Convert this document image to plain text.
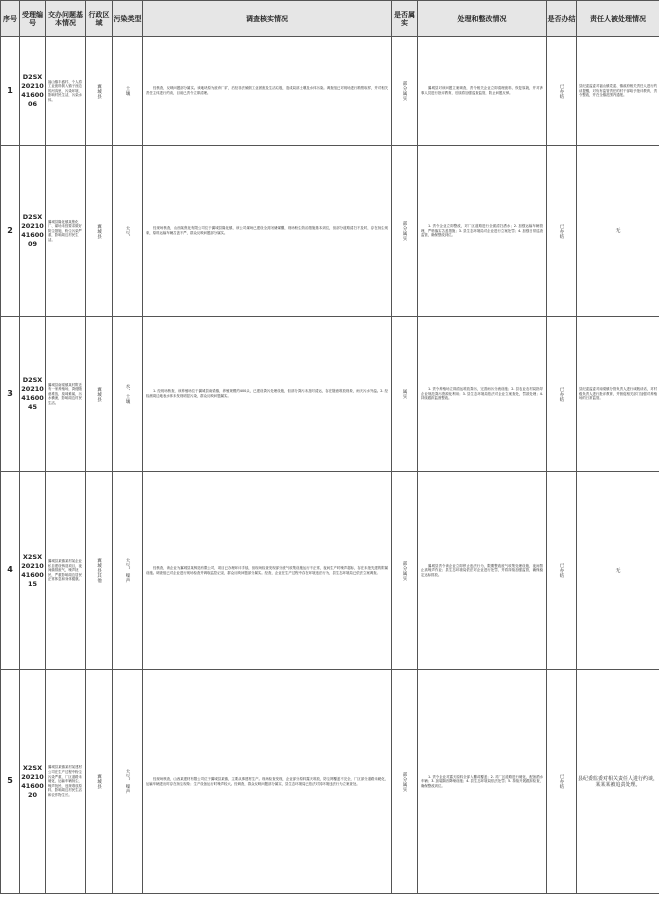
序号	受理编号	交办问题基本情况	行政区域	污染类型	调查核实情况	是否属实	处理和整改情况	是否办结	责任人被处理情况
1	D2SX202104160006	福山镇丰盛村、个人将工业废料倒入镇子西边的河沟里，污染环境，影响村民生活，污染水体。	翼城县	土壤	经核查，反映问题部分属实。该地块原为废弃厂矿，后经非法倾倒工业固废及生活垃圾，造成局部土壤及水体污染。调查组已对现场进行勘察取样，并对相关责任主体进行约谈，目前已责令立即清理。	部分属实	翼城县对该问题立案调查，责令相关企业立即清理废料、恢复原貌，并对涉事人员进行批评教育，后续将加强巡查监管，防止问题反弹。	已办结	县纪委监委对福山镇党委、镇政府相关责任人进行约谈提醒，对负有监管责任的村干部给予批评教育，责令整改，并在全镇范围内通报。
2	D2SX202104160009	翼城县隆化镇某焦化厂、煤场未按要求做好防尘措施，粉尘污染严重，影响周边村民生活。	翼城县	大气	经现场核查，山西某焦化有限公司位于翼城县隆化镇，该公司煤场已建设全封闭储煤棚，现场粉尘防治措施基本到位，但部分道路清扫不及时，存在扬尘现象，原料运输车辆苫盖不严，群众反映问题部分属实。	部分属实	1. 责令企业立即整改，对厂区道路进行全面清扫洒水；2. 加强运输车辆管理，严格落实苫盖措施；3. 县生态环境局对企业进行立案处罚；4. 加强日常巡查监管，确保整改到位。	已办结	无
3	D2SX202104160045	翼城县南梁镇某村附近有一家养殖场，粪便随意堆放，臭味难闻，污水横流，影响周边村民生活。	翼城县	水、土壤	1. 经现场核查，该养殖场位于翼城县南梁镇，养殖规模约400头，已建设粪污处理设施，但部分粪污未及时清运，存在随意堆放现象，雨天污水外溢。2. 经检测周边地表水体未发现明显污染，群众反映问题属实。	属实	1. 责令养殖场立即清运堆放粪污，完善雨污分流设施；2. 县农业农村局指导企业规范粪污资源化利用；3. 县生态环境局依法对企业立案查处，罚款处理；4. 持续跟踪监督整改。	已办结	县纪委监委对南梁镇分管负责人进行诫勉谈话，对村级负责人进行批评教育，并督促相关部门加强对养殖场的日常监管。
4	X2SX202104160015	翼城县某镇某村某企业私自建设铸造项目，夜间偷排废气，噪声扰民，严重影响周边居民正常休息和身体健康。	翼城县其他	大气、噪声	经核查，该企业为翼城县某铸造有限公司，项目已办理环评手续，但现场检查发现部分废气收集设施运行不正常，夜间生产时噪声超标，存在未批先建的附属设施。调查组已对企业进行现场检查并调取监控记录，群众反映问题部分属实。经查，企业在生产过程中存在环境违法行为，县生态环境局已依法立案调查。	部分属实	翼城县责令该企业立即停止违法行为，限期整改废气收集处理设施，夜间禁止高噪声作业；县生态环境局依法对企业进行处罚，并将持续加强监管，确保稳定达标排放。	已办结	无
5	X2SX202104160020	翼城县某镇某村某建材公司在生产过程中粉尘污染严重，厂区道路未硬化，运输车辆扬尘，噪声扰民，违规堆放原料，影响周边村民生活和农作物生长。	翼城县	大气、噪声	经现场核查，山西某建材有限公司位于翼城县某镇，主要从事建材生产。现场检查发现，企业部分原料露天堆放，防尘网覆盖不完全，厂区部分道路未硬化，运输车辆进出时存在扬尘现象；生产设备运行时噪声较大。经调查，群众反映问题部分属实，县生态环境局已依法对其环境违法行为立案查处。	部分属实	1. 责令企业对露天原料全部入棚或覆盖；2. 对厂区道路进行硬化，配备洒水车辆；3. 加装隔音降噪设施；4. 县生态环境局依法处罚；5. 持续开展跟踪检查，确保整改到位。	已办结	县纪委监委对相关责任人进行约谈，某某某被追责处理。
